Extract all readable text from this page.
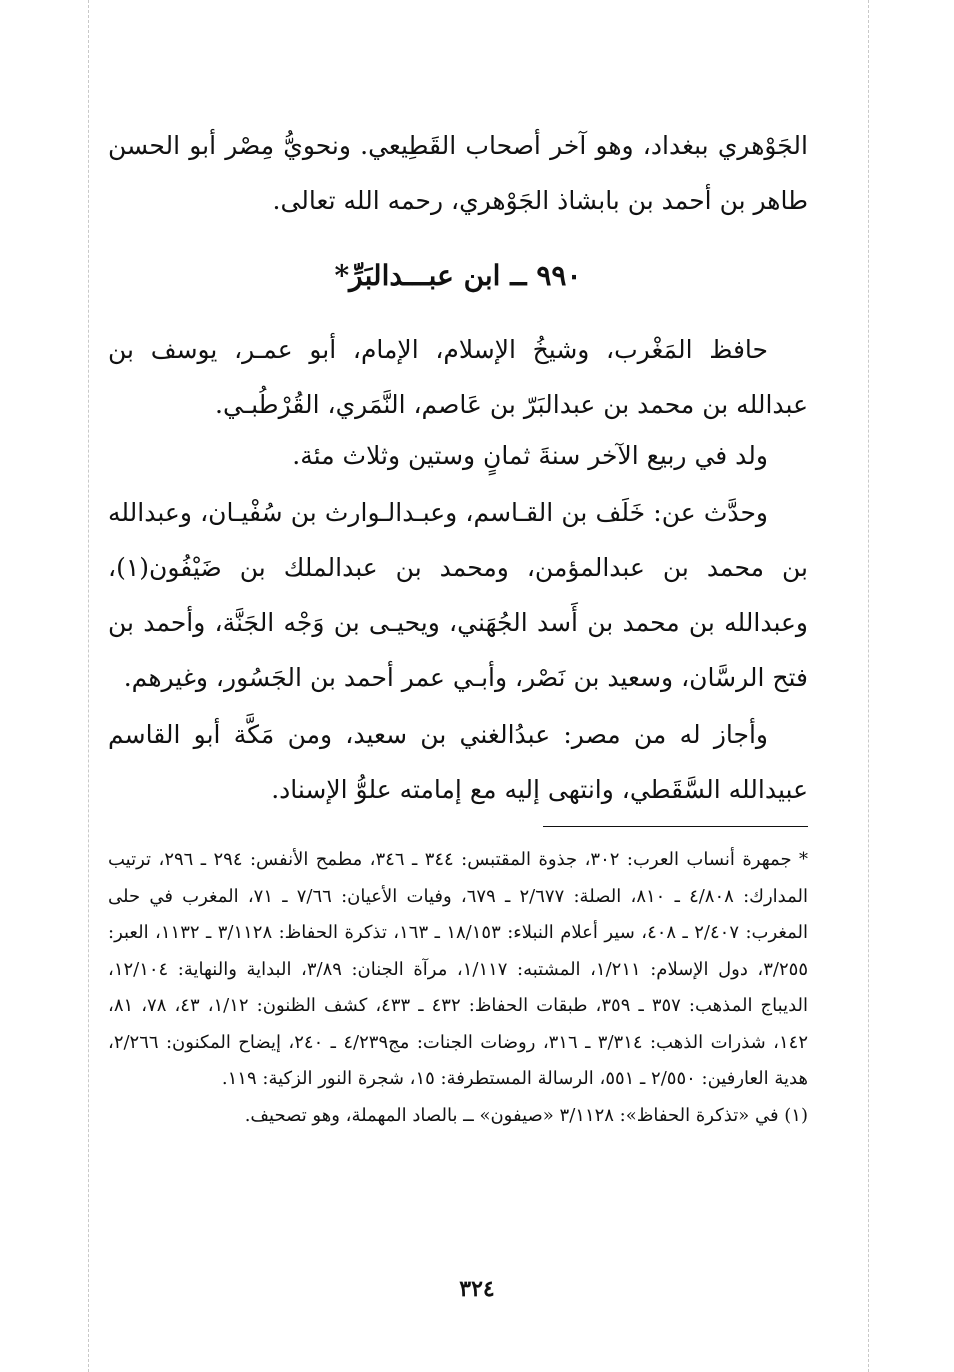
الجَوْهري ببغداد، وهو آخر أصحاب القَطِيعي. ونحويُّ مِصْر أبو الحسن طاهر بن أحمد بن بابشاذ الجَوْهري، رحمه الله تعالى.

٩٩٠ ــ ابن عبـــدالبَرِّ*

حافظ المَغْرب، وشيخُ الإسلام، الإمام، أبو عمـر، يوسف بن عبدالله بن محمد بن عبدالبَرّ بن عَاصم، النَّمَري، القُرْطُبـي.

ولد في ربيع الآخر سنةَ ثمانٍ وستين وثلاث مئة.

وحدَّث عن: خَلَف بن القـاسم، وعبـدالـوارث بن سُفْيـان، وعبدالله بن محمد بن عبدالمؤمن، ومحمد بن عبدالملك بن ضَيْفُون(١)، وعبدالله بن محمد بن أَسد الجُهَني، ويحيـى بن وَجْه الجَنَّة، وأحمد بن فتح الرسَّان، وسعيد بن نَصْر، وأبـي عمر أحمد بن الجَسُور، وغيرهم.

وأجاز له من مصر: عبدُالغني بن سعيد، ومن مَكَّة أبو القاسم عبيدالله السَّقَطي، وانتهى إليه مع إمامته علوُّ الإسناد.

* جمهرة أنساب العرب: ٣٠٢، جذوة المقتبس: ٣٤٤ ـ ٣٤٦، مطمح الأنفس: ٢٩٤ ـ ٢٩٦، ترتيب المدارك: ٤/٨٠٨ ـ ٨١٠، الصلة: ٢/٦٧٧ ـ ٦٧٩، وفيات الأعيان: ٧/٦٦ ـ ٧١، المغرب في حلى المغرب: ٢/٤٠٧ ـ ٤٠٨، سير أعلام النبلاء: ١٨/١٥٣ ـ ١٦٣، تذكرة الحفاظ: ٣/١١٢٨ ـ ١١٣٢، العبر: ٣/٢٥٥، دول الإسلام: ١/٢١١، المشتبه: ١/١١٧، مرآة الجنان: ٣/٨٩، البداية والنهاية: ١٢/١٠٤، الديباج المذهب: ٣٥٧ ـ ٣٥٩، طبقات الحفاظ: ٤٣٢ ـ ٤٣٣، كشف الظنون: ١/١٢، ٤٣، ٧٨، ٨١، ١٤٢، شذرات الذهب: ٣/٣١٤ ـ ٣١٦، روضات الجنات: مج٤/٢٣٩ ـ ٢٤٠، إيضاح المكنون: ٢/٢٦٦، هدية العارفين: ٢/٥٥٠ ـ ٥٥١، الرسالة المستطرفة: ١٥، شجرة النور الزكية: ١١٩.

(١) في «تذكرة الحفاظ»: ٣/١١٢٨ «صيفون» ــ بالصاد المهملة، وهو تصحيف.

٣٢٤
